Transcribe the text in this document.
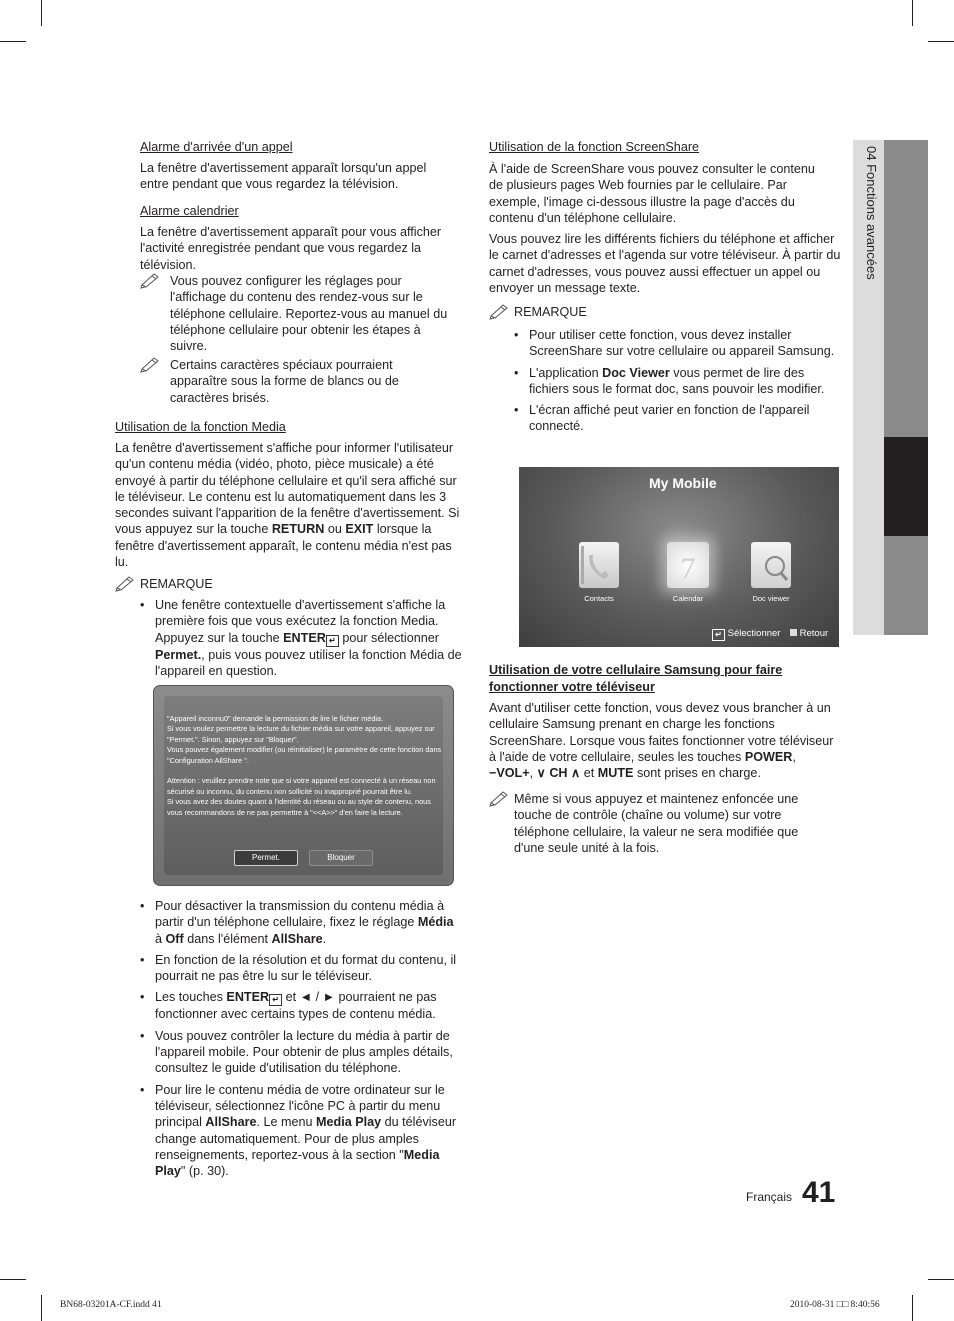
04 Fonctions avancées
Alarme d'arrivée d'un appel

La fenêtre d'avertissement apparaît lorsqu'un appel entre pendant que vous regardez la télévision.

Alarme calendrier

La fenêtre d'avertissement apparaît pour vous afficher l'activité enregistrée pendant que vous regardez la télévision.

Vous pouvez configurer les réglages pour l'affichage du contenu des rendez-vous sur le téléphone cellulaire. Reportez-vous au manuel du téléphone cellulaire pour obtenir les étapes à suivre.
Certains caractères spéciaux pourraient apparaître sous la forme de blancs ou de caractères brisés.
Utilisation de la fonction Media

La fenêtre d'avertissement s'affiche pour informer l'utilisateur qu'un contenu média (vidéo, photo, pièce musicale) a été envoyé à partir du téléphone cellulaire et qu'il sera affiché sur le téléviseur. Le contenu est lu automatiquement dans les 3 secondes suivant l'apparition de la fenêtre d'avertissement. Si vous appuyez sur la touche RETURN ou EXIT lorsque la fenêtre d'avertissement apparaît, le contenu média n'est pas lu.

REMARQUE
• Une fenêtre contextuelle d'avertissement s'affiche la première fois que vous exécutez la fonction Media. Appuyez sur la touche ENTER ↵ pour sélectionner Permet., puis vous pouvez utiliser la fonction Média de l'appareil en question.
"Appareil inconnu0" demande la permission de lire le fichier média.
Si vous voulez permettre la lecture du fichier média sur votre appareil, appuyez sur "Permet.". Sinon, appuyez sur "Bloquer".
Vous pouvez également modifier (ou réinitialiser) le paramètre de cette fonction dans "Configuration AllShare ".

Attention : veuillez prendre note que si votre appareil est connecté à un réseau non sécurisé ou inconnu, du contenu non sollicité ou inapproprié pourrait être lu.
Si vous avez des doutes quant à l'identité du réseau ou au style de contenu, nous vous recommandons de ne pas permettre à "<<A>>" d'en faire la lecture.
Permet.	Bloquer
• Pour désactiver la transmission du contenu média à partir d'un téléphone cellulaire, fixez le réglage Média à Off dans l'élément AllShare.
• En fonction de la résolution et du format du contenu, il pourrait ne pas être lu sur le téléviseur.
• Les touches ENTER ↵ et ◄ / ► pourraient ne pas fonctionner avec certains types de contenu média.
• Vous pouvez contrôler la lecture du média à partir de l'appareil mobile. Pour obtenir de plus amples détails, consultez le guide d'utilisation du téléphone.
• Pour lire le contenu média de votre ordinateur sur le téléviseur, sélectionnez l'icône PC à partir du menu principal AllShare. Le menu Media Play du téléviseur change automatiquement. Pour de plus amples renseignements, reportez-vous à la section "Media Play" (p. 30).
Utilisation de la fonction ScreenShare

À l'aide de ScreenShare vous pouvez consulter le contenu de plusieurs pages Web fournies par le cellulaire. Par exemple, l'image ci-dessous illustre la page d'accès du contenu d'un téléphone cellulaire.

Vous pouvez lire les différents fichiers du téléphone et afficher le carnet d'adresses et l'agenda sur votre téléviseur. À partir du carnet d'adresses, vous pouvez aussi effectuer un appel ou envoyer un message texte.

REMARQUE
• Pour utiliser cette fonction, vous devez installer ScreenShare sur votre cellulaire ou appareil Samsung.
• L'application Doc Viewer vous permet de lire des fichiers sous le format doc, sans pouvoir les modifier.
• L'écran affiché peut varier en fonction de l'appareil connecté.
My Mobile
Contacts
7
Calendar	Doc viewer
↵ Sélectionner	Retour
Utilisation de votre cellulaire Samsung pour faire
fonctionner votre téléviseur

Avant d'utiliser cette fonction, vous devez vous brancher à un cellulaire Samsung prenant en charge les fonctions ScreenShare. Lorsque vous faites fonctionner votre téléviseur à l'aide de votre cellulaire, seules les touches POWER, −VOL+, ∨ CH ∧ et MUTE sont prises en charge.

Même si vous appuyez et maintenez enfoncée une touche de contrôle (chaîne ou volume) sur votre téléphone cellulaire, la valeur ne sera modifiée que d'une seule unité à la fois.
Français 41
BN68-03201A-CF.indd 41	2010-08-31 □□ 8:40:56
